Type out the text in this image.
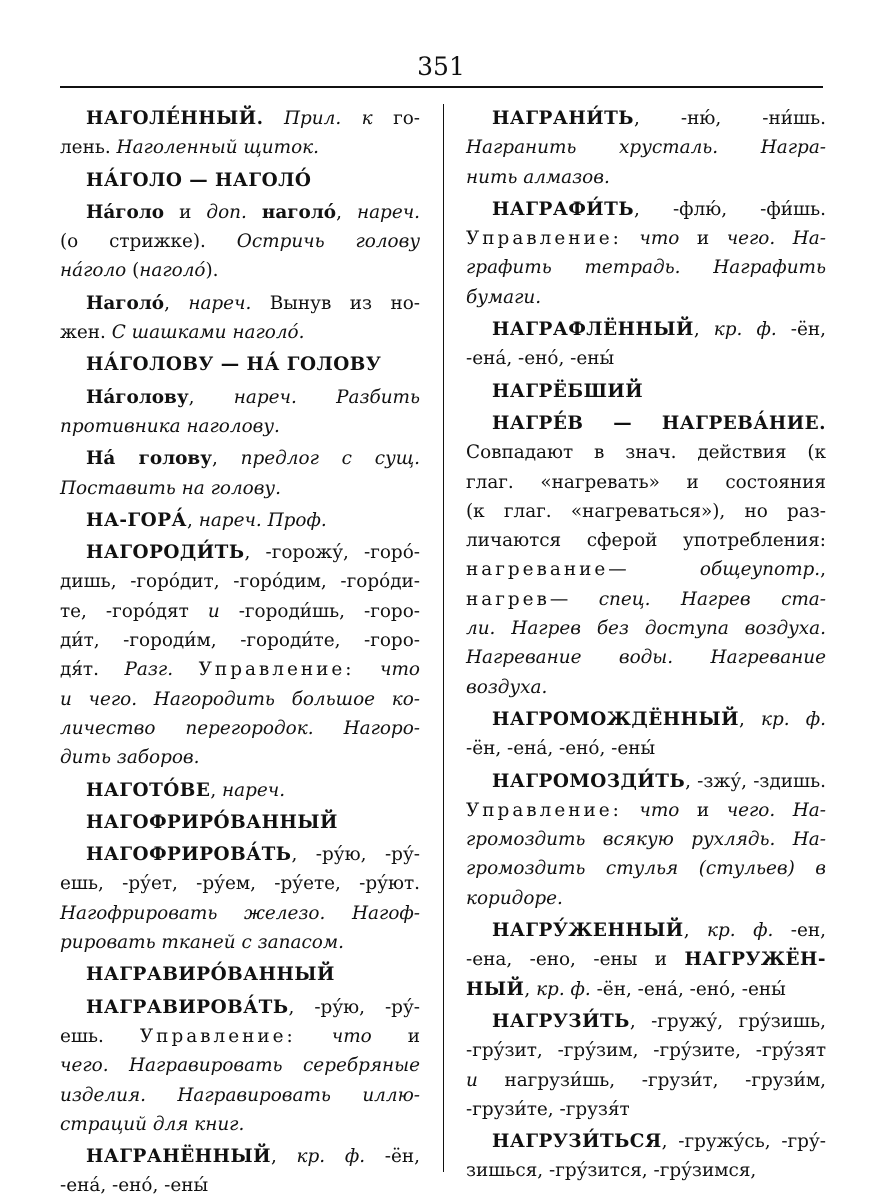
351
НАГОЛЕ́ННЫЙ. Прил. к го-
лень. Наголенный щиток.
НА́ГОЛО — НАГОЛО́
На́голо и доп. наголо́, нареч.
(о стрижке). Остричь голову
на́голо (наголо́).
Наголо́, нареч. Вынув из но-
жен. С шашками наголо́.
НА́ГОЛОВУ — НА́ ГОЛОВУ
На́голову, нареч. Разбить
противника наголову.
На́ голову, предлог с сущ.
Поставить на голову.
НА-ГОРА́, нареч. Проф.
НАГОРОДИ́ТЬ, -горожу́, -горо́-
дишь, -горо́дит, -горо́дим, -горо́ди-
те, -горо́дят и -городи́шь, -горо-
ди́т, -городи́м, -городи́те, -горо-
дя́т. Разг. Управление: что
и чего. Нагородить большое ко-
личество перегородок. Нагоро-
дить заборов.
НАГОТО́ВЕ, нареч.
НАГОФРИРО́ВАННЫЙ
НАГОФРИРОВА́ТЬ, -ру́ю, -ру́-
ешь, -ру́ет, -ру́ем, -ру́ете, -ру́ют.
Нагофрировать железо. Нагоф-
рировать тканей с запасом.
НАГРАВИРО́ВАННЫЙ
НАГРАВИРОВА́ТЬ, -ру́ю, -ру́-
ешь. Управление: что и
чего. Награвировать серебряные
изделия. Награвировать иллю-
страций для книг.
НАГРАНЁННЫЙ, кр. ф. -ён,
-ена́, -ено́, -ены́
НАГРАНИ́ТЬ, -ню́, -ни́шь.
Награнить хрусталь. Награ-
нить алмазов.
НАГРАФИ́ТЬ, -флю́, -фи́шь.
Управление: что и чего. На-
графить тетрадь. Награфить
бумаги.
НАГРАФЛЁННЫЙ, кр. ф. -ён,
-ена́, -ено́, -ены́
НАГРЁБШИЙ
НАГРЕ́В — НАГРЕВА́НИЕ.
Совпадают в знач. действия (к
глаг. «нагревать» и состояния
(к глаг. «нагреваться»), но раз-
личаются сферой употребления:
нагревание— общеупотр.,
нагрев— спец. Нагрев ста-
ли. Нагрев без доступа воздуха.
Нагревание воды. Нагревание
воздуха.
НАГРОМОЖДЁННЫЙ, кр. ф.
-ён, -ена́, -ено́, -ены́
НАГРОМОЗДИ́ТЬ, -зжу́, -здишь.
Управление: что и чего. На-
громоздить всякую рухлядь. На-
громоздить стулья (стульев) в
коридоре.
НАГРУ́ЖЕННЫЙ, кр. ф. -ен,
-ена, -ено, -ены и НАГРУЖЁН-
НЫЙ, кр. ф. -ён, -ена́, -ено́, -ены́
НАГРУЗИ́ТЬ, -гружу́, гру́зишь,
-гру́зит, -гру́зим, -гру́зите, -гру́зят
и нагрузи́шь, -грузи́т, -грузи́м,
-грузи́те, -грузя́т
НАГРУЗИ́ТЬСЯ, -гружу́сь, -гру́-
зишься, -гру́зится, -гру́зимся,
